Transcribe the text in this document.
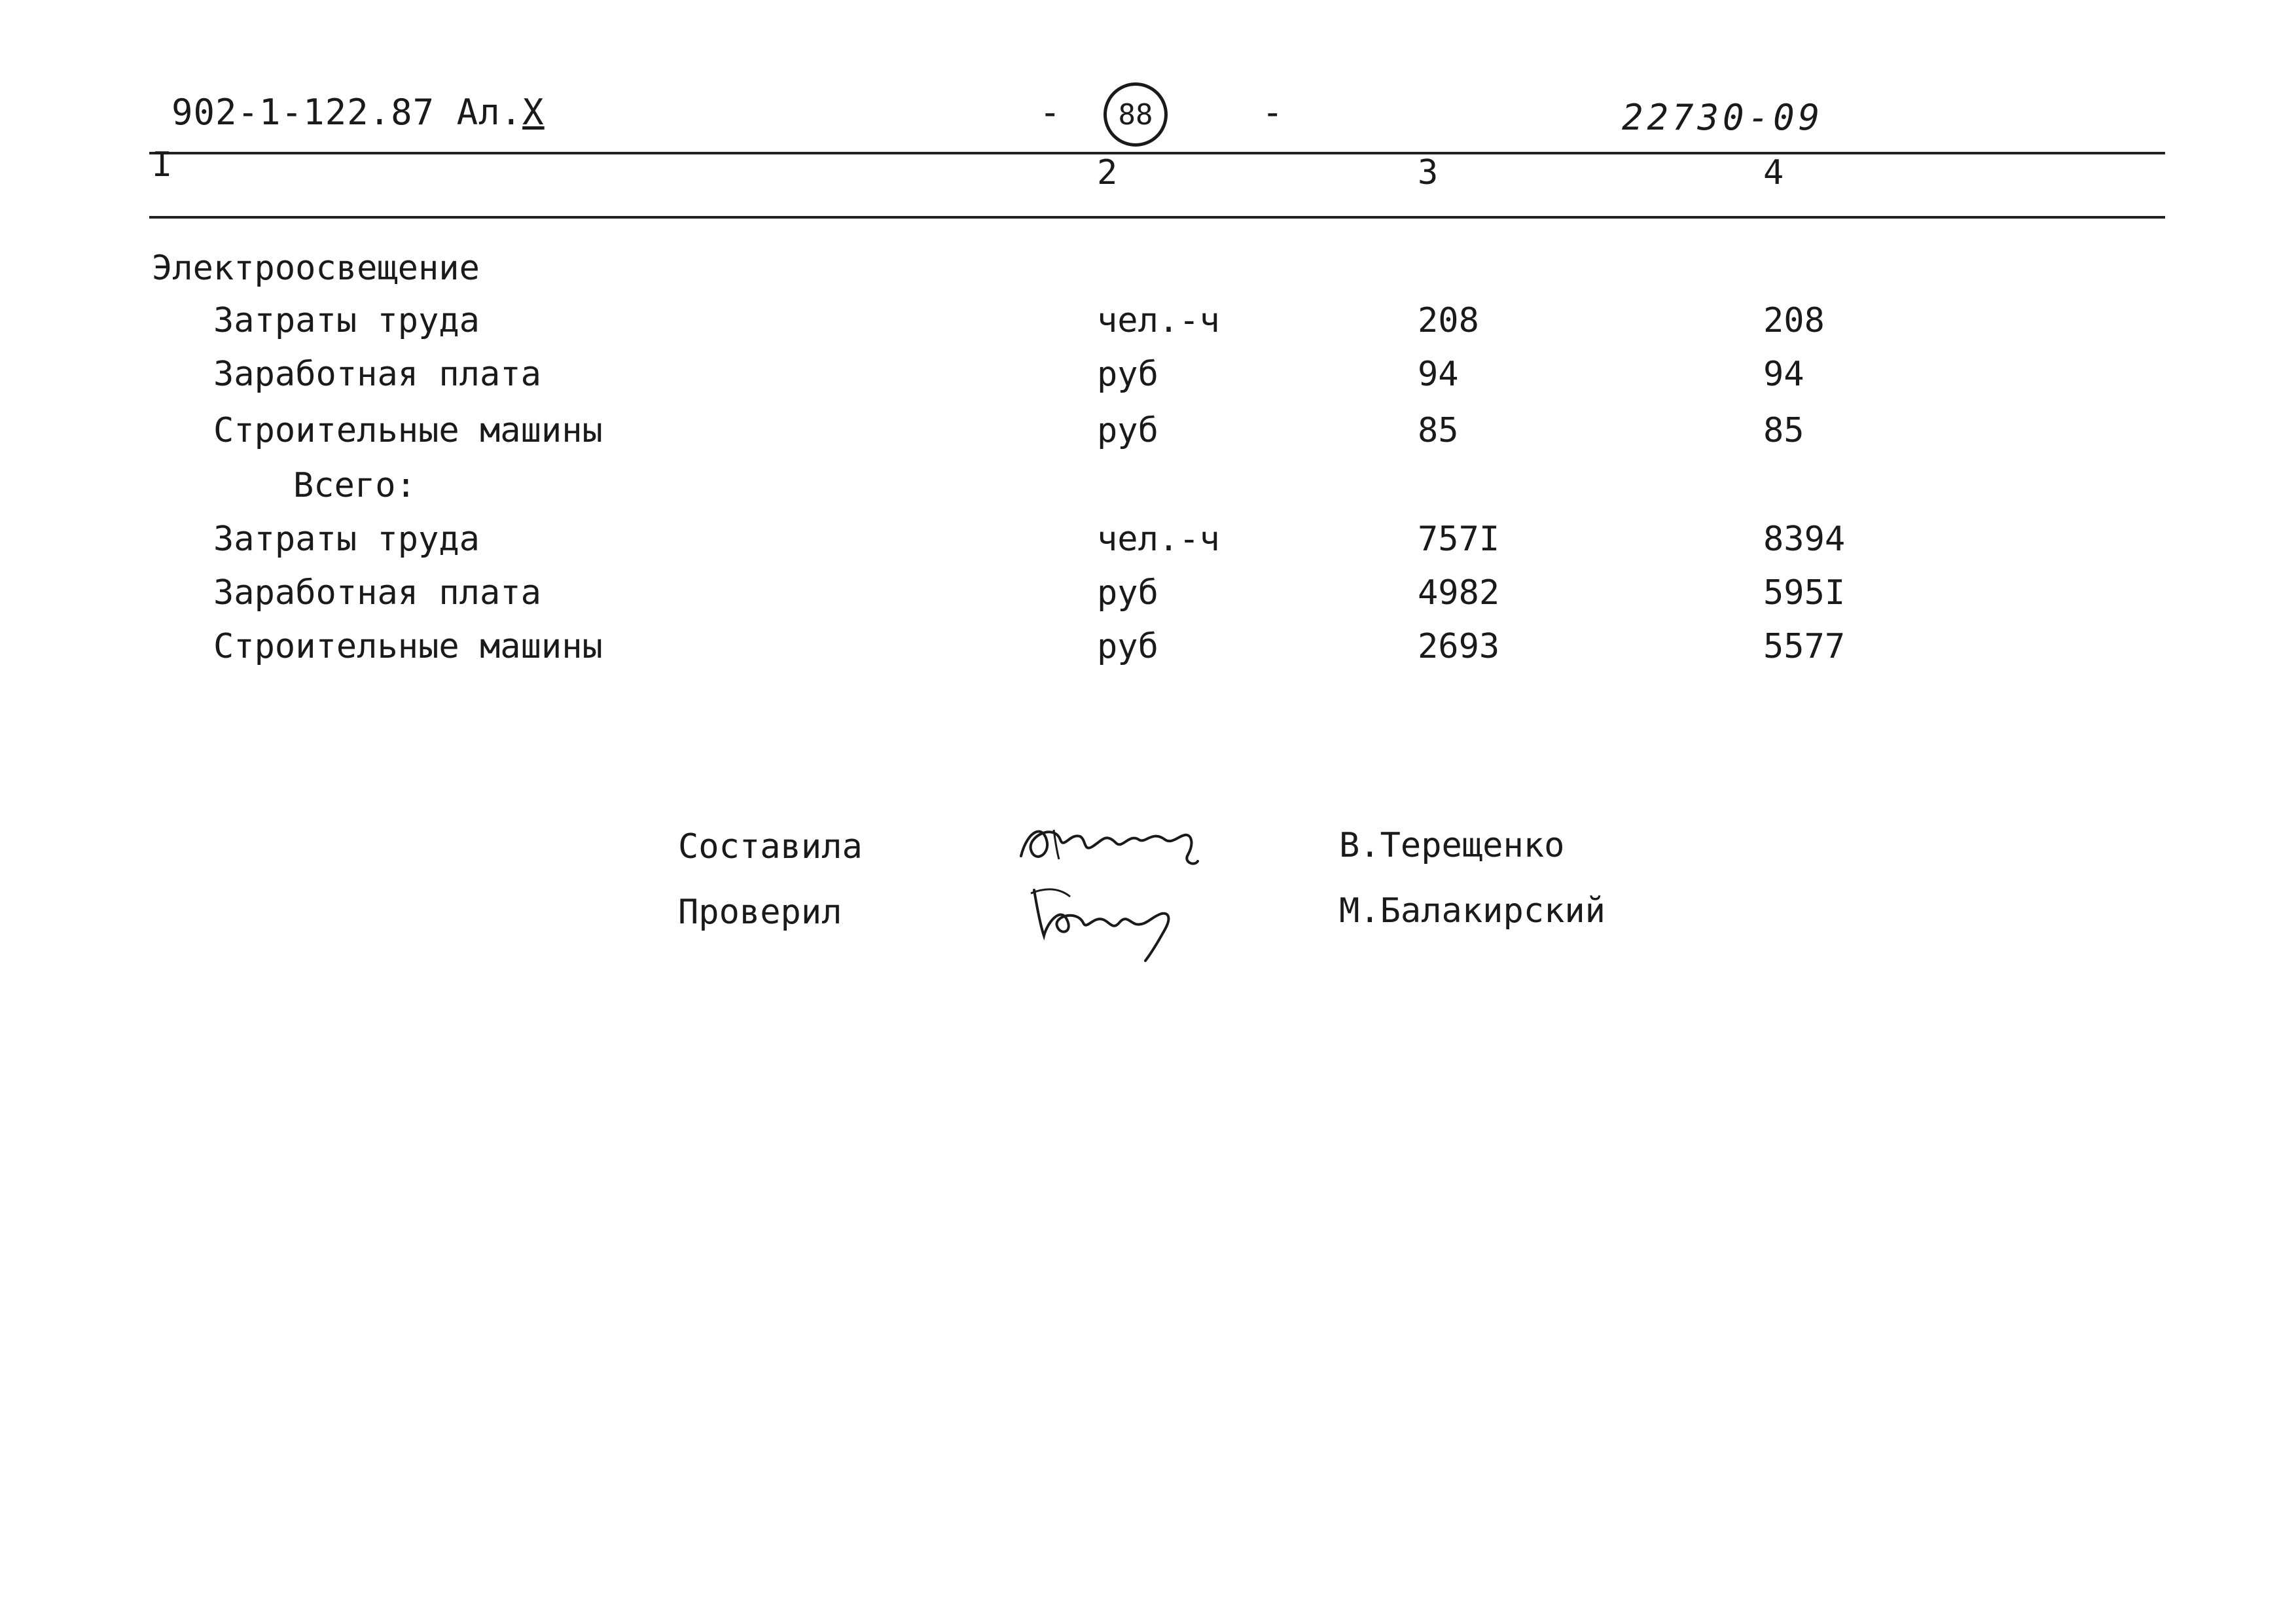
902-1-122.87 Ал.X	- 88	-	22730-09
I	2	3	4
Электроосвещение
Затраты труда	чел.-ч	208	208
Заработная плата	руб	94	94
Строительные машины	руб	85	85
Всего:
Затраты труда	чел.-ч	757I	8394
Заработная плата	руб	4982	595I
Строительные машины	руб	2693	5577
Составила	В.Терещенко
Проверил	М.Балакирский
